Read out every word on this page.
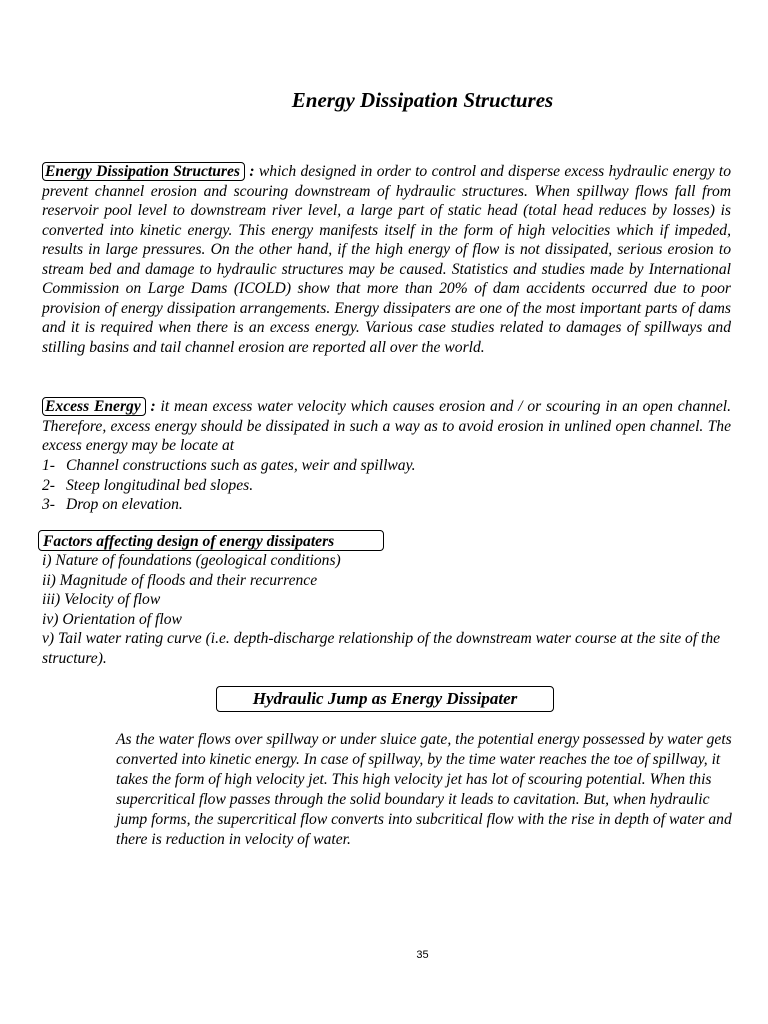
Energy Dissipation Structures
Energy Dissipation Structures : which designed in order to control and disperse excess hydraulic energy to prevent channel erosion and scouring downstream of hydraulic structures. When spillway flows fall from reservoir pool level to downstream river level, a large part of static head (total head reduces by losses) is converted into kinetic energy. This energy manifests itself in the form of high velocities which if impeded, results in large pressures. On the other hand, if the high energy of flow is not dissipated, serious erosion to stream bed and damage to hydraulic structures may be caused. Statistics and studies made by International Commission on Large Dams (ICOLD) show that more than 20% of dam accidents occurred due to poor provision of energy dissipation arrangements. Energy dissipaters are one of the most important parts of dams and it is required when there is an excess energy. Various case studies related to damages of spillways and stilling basins and tail channel erosion are reported all over the world.
Excess Energy : it mean excess water velocity which causes erosion and / or scouring in an open channel. Therefore, excess energy should be dissipated in such a way as to avoid erosion in unlined open channel. The excess energy may be locate at
1- Channel constructions such as gates, weir and spillway.
2- Steep longitudinal bed slopes.
3- Drop on elevation.
Factors affecting design of energy dissipaters
i) Nature of foundations (geological conditions)
ii) Magnitude of floods and their recurrence
iii) Velocity of flow
iv) Orientation of flow
v) Tail water rating curve (i.e. depth-discharge relationship of the downstream water course at the site of the structure).
Hydraulic Jump as Energy Dissipater
As the water flows over spillway or under sluice gate, the potential energy possessed by water gets converted into kinetic energy. In case of spillway, by the time water reaches the toe of spillway, it takes the form of high velocity jet. This high velocity jet has lot of scouring potential. When this supercritical flow passes through the solid boundary it leads to cavitation. But, when hydraulic jump forms, the supercritical flow converts into subcritical flow with the rise in depth of water and there is reduction in velocity of water.
35
